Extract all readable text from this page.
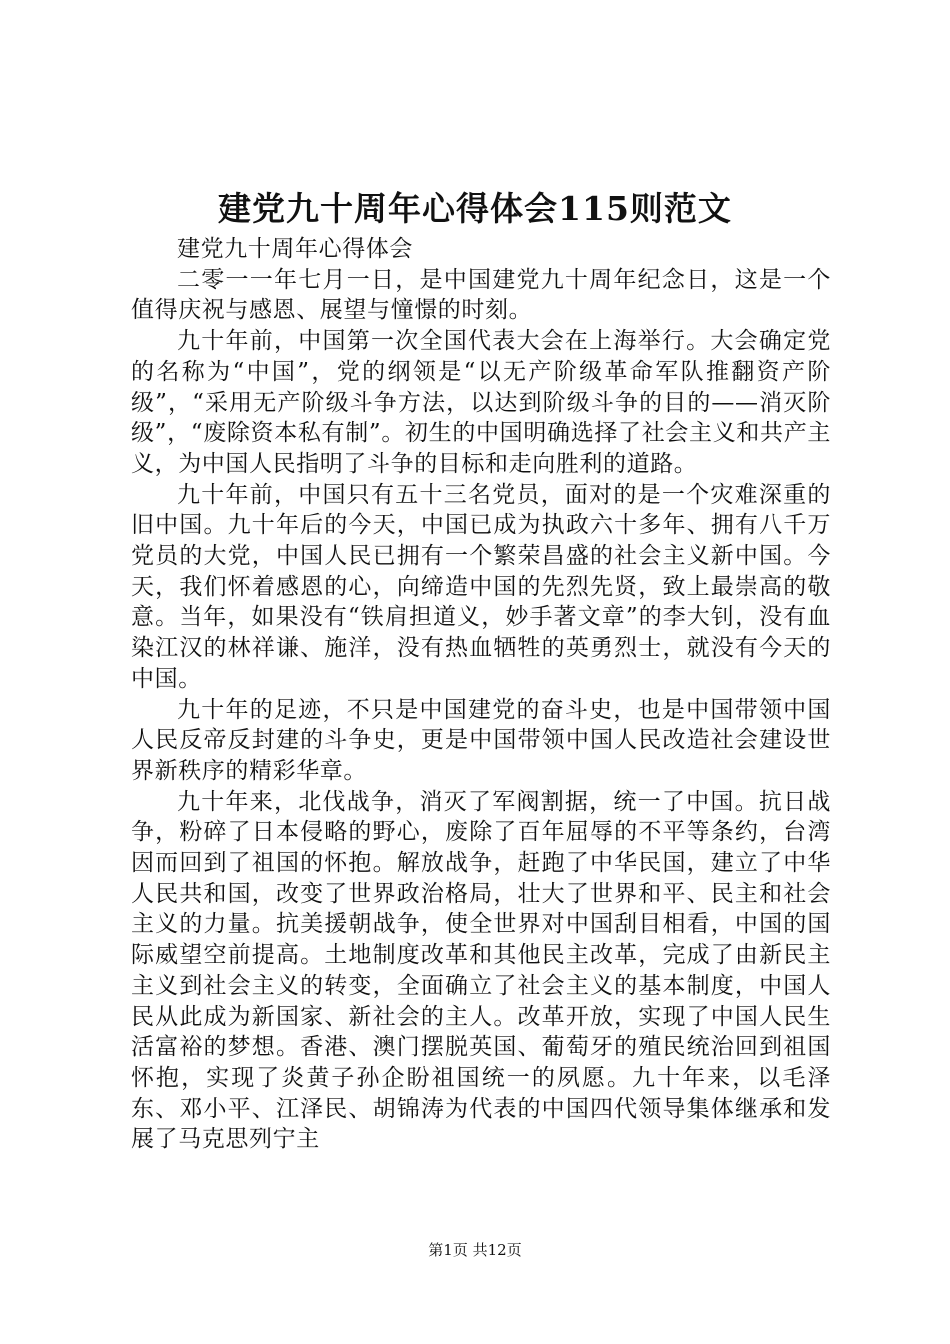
建党九十周年心得体会115则范文

建党九十周年心得体会

二零一一年七月一日，是中国建党九十周年纪念日，这是一个值得庆祝与感恩、展望与憧憬的时刻。

九十年前，中国第一次全国代表大会在上海举行。大会确定党的名称为“中国”，党的纲领是“以无产阶级革命军队推翻资产阶级”，“采用无产阶级斗争方法，以达到阶级斗争的目的——消灭阶级”，“废除资本私有制”。初生的中国明确选择了社会主义和共产主义，为中国人民指明了斗争的目标和走向胜利的道路。

九十年前，中国只有五十三名党员，面对的是一个灾难深重的旧中国。九十年后的今天，中国已成为执政六十多年、拥有八千万党员的大党，中国人民已拥有一个繁荣昌盛的社会主义新中国。今天，我们怀着感恩的心，向缔造中国的先烈先贤，致上最崇高的敬意。当年，如果没有“铁肩担道义，妙手著文章”的李大钊，没有血染江汉的林祥谦、施洋，没有热血牺牲的英勇烈士，就没有今天的中国。

九十年的足迹，不只是中国建党的奋斗史，也是中国带领中国人民反帝反封建的斗争史，更是中国带领中国人民改造社会建设世界新秩序的精彩华章。

九十年来，北伐战争，消灭了军阀割据，统一了中国。抗日战争，粉碎了日本侵略的野心，废除了百年屈辱的不平等条约，台湾因而回到了祖国的怀抱。解放战争，赶跑了中华民国，建立了中华人民共和国，改变了世界政治格局，壮大了世界和平、民主和社会主义的力量。抗美援朝战争，使全世界对中国刮目相看，中国的国际威望空前提高。土地制度改革和其他民主改革，完成了由新民主主义到社会主义的转变，全面确立了社会主义的基本制度，中国人民从此成为新国家、新社会的主人。改革开放，实现了中国人民生活富裕的梦想。香港、澳门摆脱英国、葡萄牙的殖民统治回到祖国怀抱，实现了炎黄子孙企盼祖国统一的夙愿。九十年来，以毛泽东、邓小平、江泽民、胡锦涛为代表的中国四代领导集体继承和发展了马克思列宁主

第1页 共12页
